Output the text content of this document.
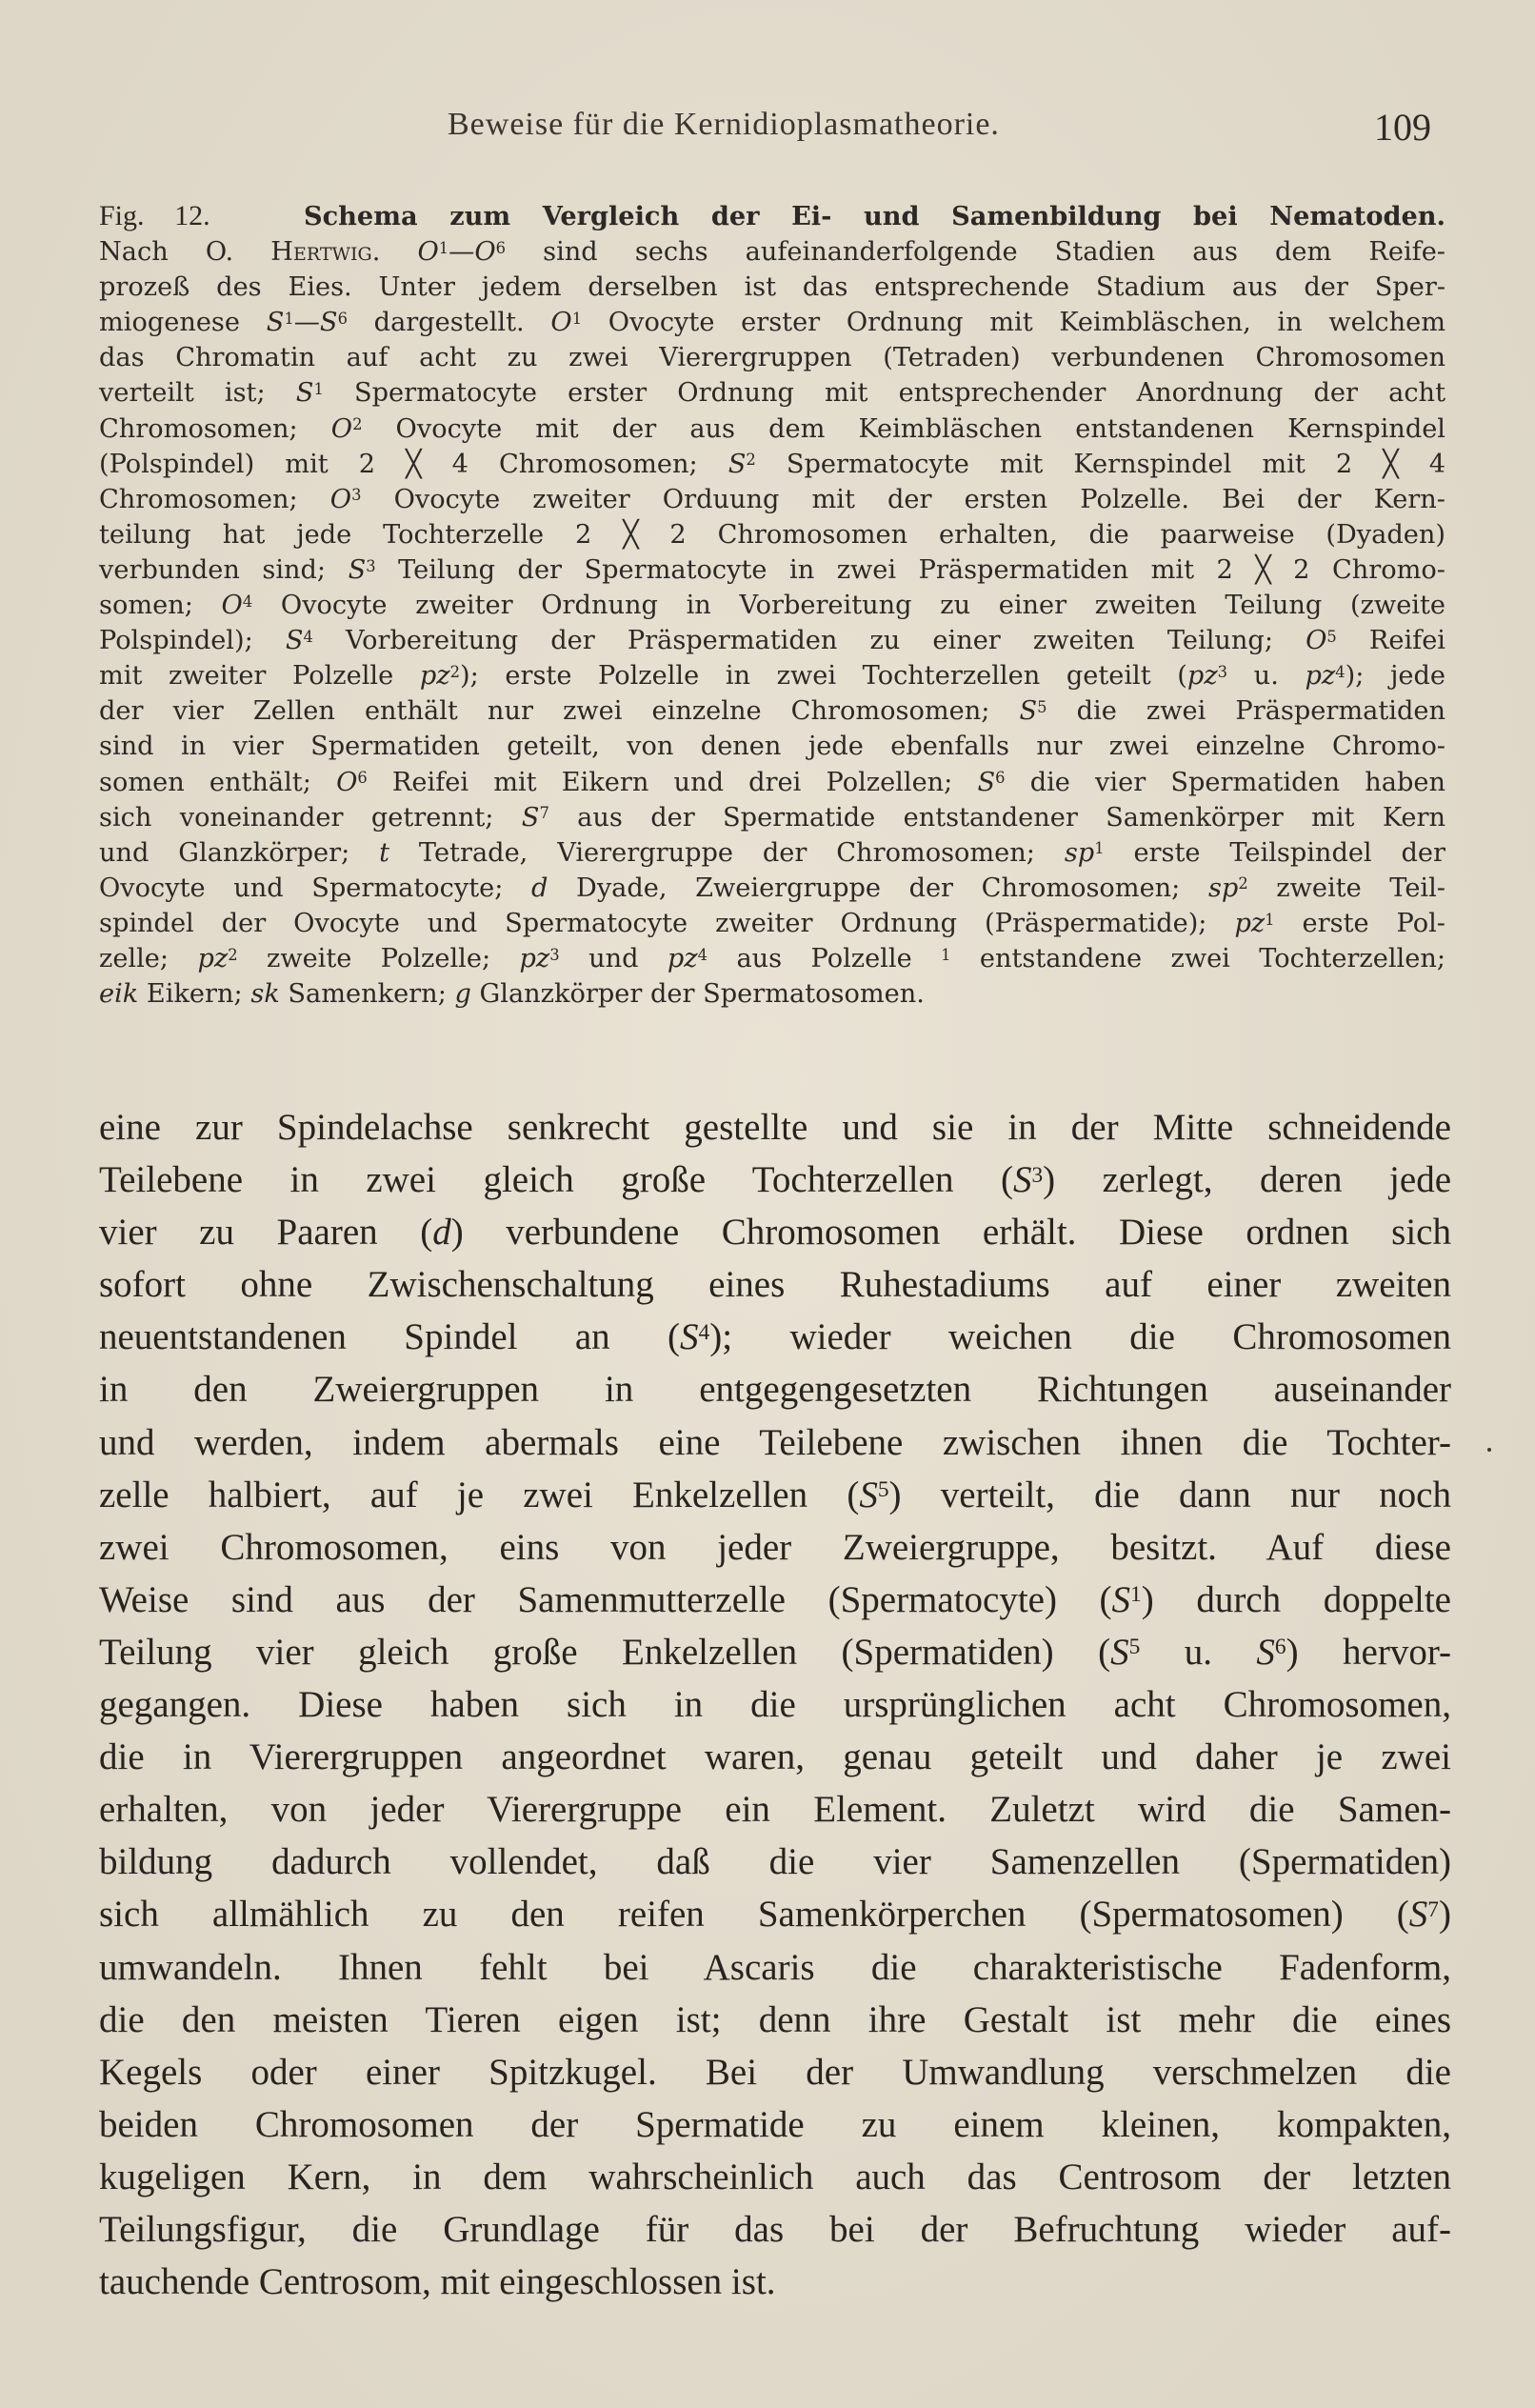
Beweise für die Kernidioplasmatheorie.	109
Fig. 12.	Schema zum Vergleich der Ei- und Samenbildung bei Nematoden.
Nach O. Hertwig. $O^1—O^6$ sind sechs aufeinanderfolgende Stadien aus dem Reife-
prozeß des Eies. Unter jedem derselben ist das entsprechende Stadium aus der Sper-
miogenese $S^1—S^6$ dargestellt. $O^1$ Ovocyte erster Ordnung mit Keimbläschen, in welchem
das Chromatin auf acht zu zwei Vierergruppen (Tetraden) verbundenen Chromosomen
verteilt ist; $S^1$ Spermatocyte erster Ordnung mit entsprechender Anordnung der acht
Chromosomen; $O^2$ Ovocyte mit der aus dem Keimbläschen entstandenen Kernspindel
(Polspindel) mit 2 ╳ 4 Chromosomen; $S^2$ Spermatocyte mit Kernspindel mit 2 ╳ 4
Chromosomen; $O^3$ Ovocyte zweiter Orduung mit der ersten Polzelle. Bei der Kern-
teilung hat jede Tochterzelle 2 ╳ 2 Chromosomen erhalten, die paarweise (Dyaden)
verbunden sind; $S^3$ Teilung der Spermatocyte in zwei Präspermatiden mit 2 ╳ 2 Chromo-
somen; $O^4$ Ovocyte zweiter Ordnung in Vorbereitung zu einer zweiten Teilung (zweite
Polspindel); $S^4$ Vorbereitung der Präspermatiden zu einer zweiten Teilung; $O^5$ Reifei
mit zweiter Polzelle $pz^2$); erste Polzelle in zwei Tochterzellen geteilt ($pz^3$ u. $pz^4$); jede
der vier Zellen enthält nur zwei einzelne Chromosomen; $S^5$ die zwei Präspermatiden
sind in vier Spermatiden geteilt, von denen jede ebenfalls nur zwei einzelne Chromo-
somen enthält; $O^6$ Reifei mit Eikern und drei Polzellen; $S^6$ die vier Spermatiden haben
sich voneinander getrennt; $S^7$ aus der Spermatide entstandener Samenkörper mit Kern
und Glanzkörper; t Tetrade, Vierergruppe der Chromosomen; $sp^1$ erste Teilspindel der
Ovocyte und Spermatocyte; d Dyade, Zweiergruppe der Chromosomen; $sp^2$ zweite Teil-
spindel der Ovocyte und Spermatocyte zweiter Ordnung (Präspermatide); $pz^1$ erste Pol-
zelle; $pz^2$ zweite Polzelle; $pz^3$ und $pz^4$ aus Polzelle $^1$ entstandene zwei Tochterzellen;
eik Eikern; sk Samenkern; g Glanzkörper der Spermatosomen.
eine zur Spindelachse senkrecht gestellte und sie in der Mitte schneidende
Teilebene in zwei gleich große Tochterzellen $(S^3)$ zerlegt, deren jede
vier zu Paaren (d) verbundene Chromosomen erhält. Diese ordnen sich
sofort ohne Zwischenschaltung eines Ruhestadiums auf einer zweiten
neuentstandenen Spindel an $(S^4)$; wieder weichen die Chromosomen
in den Zweiergruppen in entgegengesetzten Richtungen auseinander
und werden, indem abermals eine Teilebene zwischen ihnen die Tochter-
zelle halbiert, auf je zwei Enkelzellen $(S^5)$ verteilt, die dann nur noch
zwei Chromosomen, eins von jeder Zweiergruppe, besitzt. Auf diese
Weise sind aus der Samenmutterzelle (Spermatocyte) $(S^1)$ durch doppelte
Teilung vier gleich große Enkelzellen (Spermatiden) ($S^5$ u. $S^6$) hervor-
gegangen. Diese haben sich in die ursprünglichen acht Chromosomen,
die in Vierergruppen angeordnet waren, genau geteilt und daher je zwei
erhalten, von jeder Vierergruppe ein Element. Zuletzt wird die Samen-
bildung dadurch vollendet, daß die vier Samenzellen (Spermatiden)
sich allmählich zu den reifen Samenkörperchen (Spermatosomen) $(S^7)$
umwandeln. Ihnen fehlt bei Ascaris die charakteristische Fadenform,
die den meisten Tieren eigen ist; denn ihre Gestalt ist mehr die eines
Kegels oder einer Spitzkugel. Bei der Umwandlung verschmelzen die
beiden Chromosomen der Spermatide zu einem kleinen, kompakten,
kugeligen Kern, in dem wahrscheinlich auch das Centrosom der letzten
Teilungsfigur, die Grundlage für das bei der Befruchtung wieder auf-
tauchende Centrosom, mit eingeschlossen ist.
